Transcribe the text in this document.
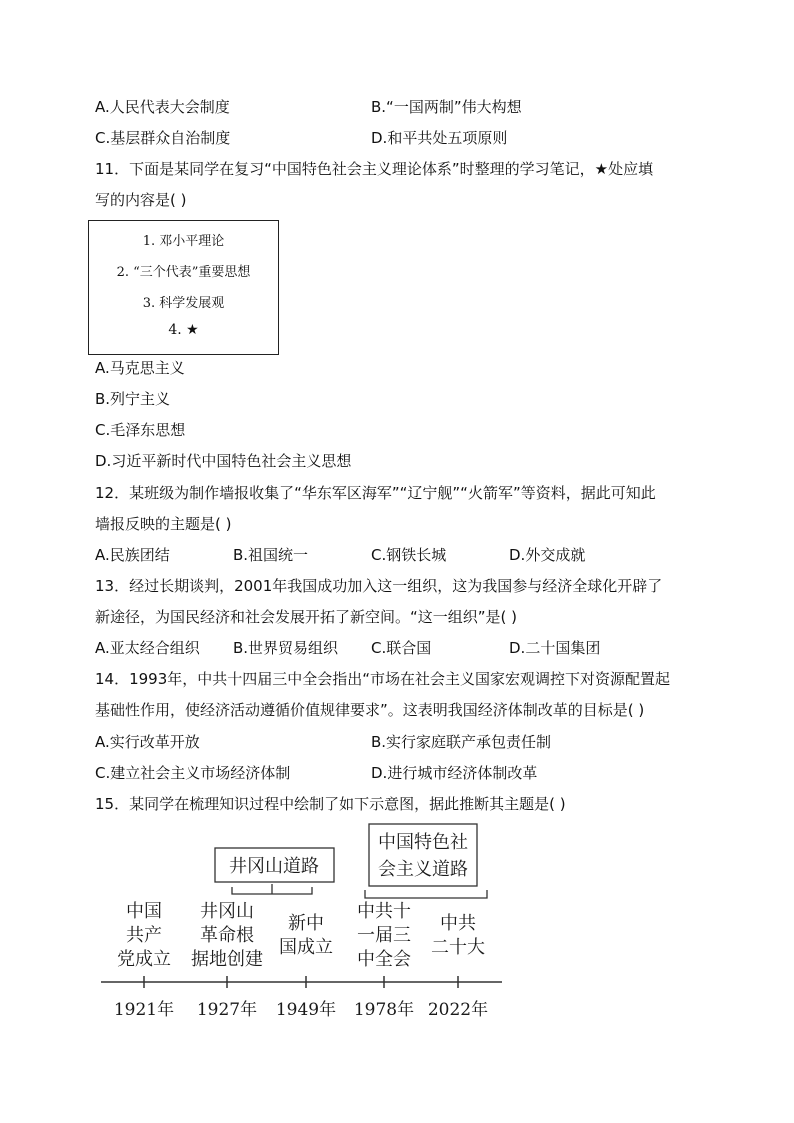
A.人民代表大会制度	B.“一国两制”伟大构想
C.基层群众自治制度	D.和平共处五项原则
11．下面是某同学在复习“中国特色社会主义理论体系”时整理的学习笔记，★处应填
写的内容是( )
1. 邓小平理论
2. “三个代表”重要思想
3. 科学发展观
4. ★
A.马克思主义
B.列宁主义
C.毛泽东思想
D.习近平新时代中国特色社会主义思想
12．某班级为制作墙报收集了“华东军区海军”“辽宁舰”“火箭军”等资料，据此可知此
墙报反映的主题是( )
A.民族团结	B.祖国统一	C.钢铁长城	D.外交成就
13．经过长期谈判，2001年我国成功加入这一组织，这为我国参与经济全球化开辟了
新途径，为国民经济和社会发展开拓了新空间。“这一组织”是( )
A.亚太经合组织 B.世界贸易组织 C.联合国	D.二十国集团
14．1993年，中共十四届三中全会指出“市场在社会主义国家宏观调控下对资源配置起
基础性作用，使经济活动遵循价值规律要求”。这表明我国经济体制改革的目标是( )
A.实行改革开放	B.实行家庭联产承包责任制
C.建立社会主义市场经济体制	D.进行城市经济体制改革
15．某同学在梳理知识过程中绘制了如下示意图，据此推断其主题是( )
井冈山道路
中国特色社
会主义道路
中国
共产
党成立
井冈山
革命根
据地创建
新中
国成立
中共十
一届三
中全会
中共
二十大
1921年 1927年 1949年 1978年 2022年
